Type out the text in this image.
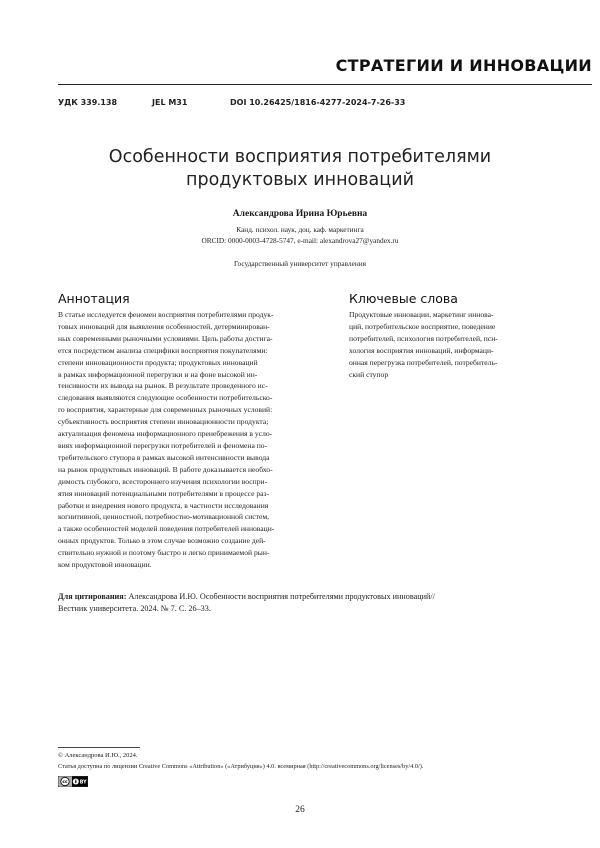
СТРАТЕГИИ И ИННОВАЦИИ
УДК 339.138	JEL M31	DOI 10.26425/1816-4277-2024-7-26-33
Особенности восприятия потребителями
продуктовых инноваций
Александрова Ирина Юрьевна
Канд. психол. наук, доц. каф. маркетинга
ORCID: 0000-0003-4728-5747, e-mail: alexandrova27@yandex.ru
Государственный университет управления
Аннотация	Ключевые слова
В статье исследуется феномен восприятия потребителями продук-
товых инноваций для выявления особенностей, детерминирован-
ных современными рыночными условиями. Цель работы достига-
ется посредством анализа специфики восприятия покупателями:
степени инновационности продукта; продуктовых инноваций
в рамках информационной перегрузки и на фоне высокой ин-
тенсивности их вывода на рынок. В результате проведенного ис-
следования выявляются следующие особенности потребительско-
го восприятия, характерные для современных рыночных условий:
субъективность восприятия степени инновационности продукта;
актуализация феномена информационного пренебрежения в усло-
виях информационной перегрузки потребителей и феномена по-
требительского ступора в рамках высокой интенсивности вывода
на рынок продуктовых инноваций. В работе доказывается необхо-
димость глубокого, всестороннего изучения психологии воспри-
ятия инноваций потенциальными потребителями в процессе раз-
работки и внедрения нового продукта, в частности исследования
когнитивной, ценностной, потребностно-мотивационной систем,
а также особенностей моделей поведения потребителей инноваци-
онных продуктов. Только в этом случае возможно создание дей-
ствительно нужной и поэтому быстро и легко принимаемой рын-
ком продуктовой инновации.
Продуктовые инновации, маркетинг иннова-
ций, потребительское восприятие, поведение
потребителей, психология потребителей, пси-
хология восприятия инноваций, информаци-
онная перегрузка потребителей, потребитель-
ский ступор
Для цитирования: Александрова И.Ю. Особенности восприятия потребителями продуктовых инноваций//
Вестник университета. 2024. № 7. С. 26–33.
© Александрова И.Ю., 2024.
Статья доступна по лицензии Creative Commons «Attribution» («Атрибуция») 4.0. всемирная (http://creativecommons.org/licenses/by/4.0/).
cc	BY
26
